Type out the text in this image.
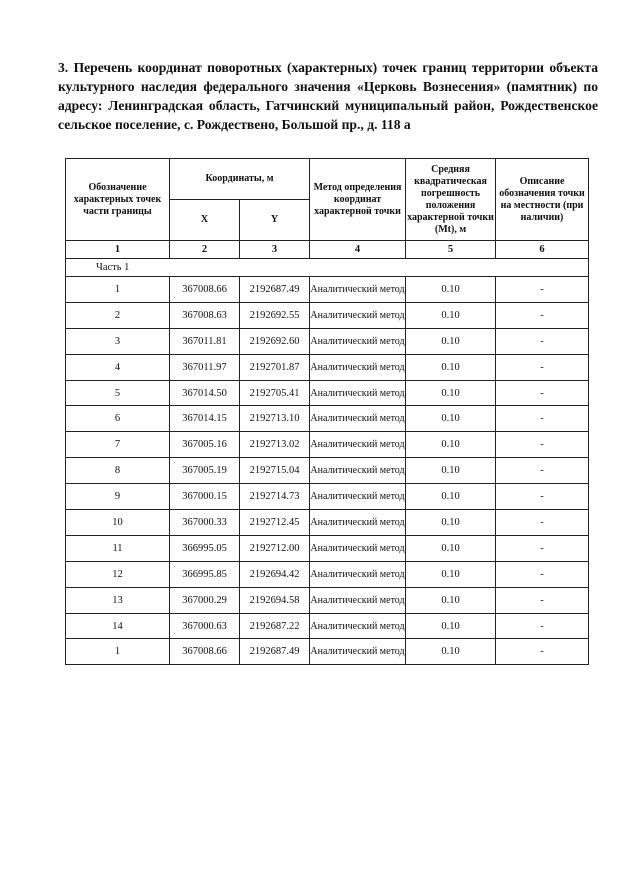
3. Перечень координат поворотных (характерных) точек границ территории объекта культурного наследия федерального значения «Церковь Вознесения» (памятник) по адресу: Ленинградская область, Гатчинский муниципальный район, Рождественское сельское поселение, с. Рождествено, Большой пр., д. 118 а
Обозначение характерных точек части границы	Координаты, м		Метод определения координат характерной точки	Средняя квадратическая погрешность положения характерной точки (Mt), м	Описание обозначения точки на местности (при наличии)
	X	Y			
1	2	3	4	5	6
Часть 1					
1	367008.66	2192687.49	Аналитический метод	0.10	-
2	367008.63	2192692.55	Аналитический метод	0.10	-
3	367011.81	2192692.60	Аналитический метод	0.10	-
4	367011.97	2192701.87	Аналитический метод	0.10	-
5	367014.50	2192705.41	Аналитический метод	0.10	-
6	367014.15	2192713.10	Аналитический метод	0.10	-
7	367005.16	2192713.02	Аналитический метод	0.10	-
8	367005.19	2192715.04	Аналитический метод	0.10	-
9	367000.15	2192714.73	Аналитический метод	0.10	-
10	367000.33	2192712.45	Аналитический метод	0.10	-
11	366995.05	2192712.00	Аналитический метод	0.10	-
12	366995.85	2192694.42	Аналитический метод	0.10	-
13	367000.29	2192694.58	Аналитический метод	0.10	-
14	367000.63	2192687.22	Аналитический метод	0.10	-
1	367008.66	2192687.49	Аналитический метод	0.10	-
